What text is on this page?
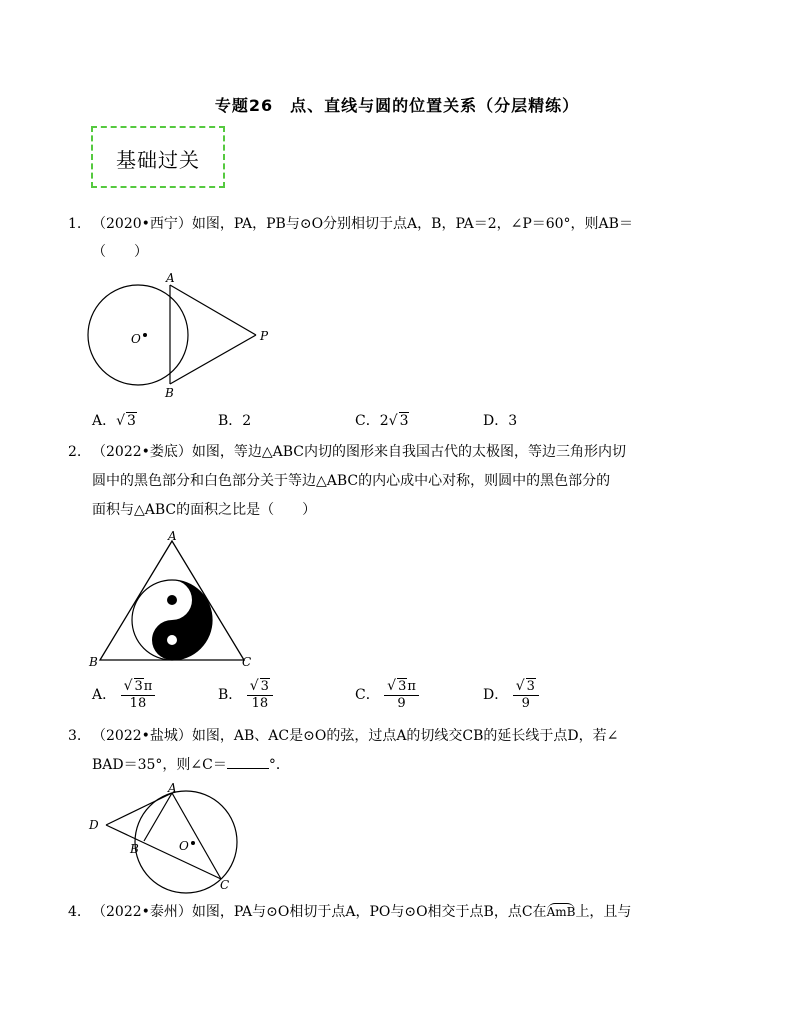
专题26　点、直线与圆的位置关系（分层精练）
基础过关
1. （2020•西宁）如图，PA，PB与⊙O分别相切于点A，B，PA＝2，∠P＝60°，则AB＝
（　　）
A
B
O	P
A．√ 3	B．2	C．2√ 3	D．3
2. （2022•娄底）如图，等边△ABC内切的图形来自我国古代的太极图，等边三角形内切
圆中的黑色部分和白色部分关于等边△ABC的内心成中心对称，则圆中的黑色部分的
面积与△ABC的面积之比是（　　）
A
B	C
A． $\frac{√ 3\pi}{18}$	B． $\frac{√ 3}{18}$	C． $\frac{√ 3\pi}{9}$	D． $\frac{√ 3}{9}$
3. （2022•盐城）如图，AB、AC是⊙O的弦，过点A的切线交CB的延长线于点D，若∠
BAD＝35°，则∠C＝	°．
A
B
C
D
O
4. （2022•泰州）如图，PA与⊙O相切于点A，PO与⊙O相交于点B，点C在AmB上，且与
